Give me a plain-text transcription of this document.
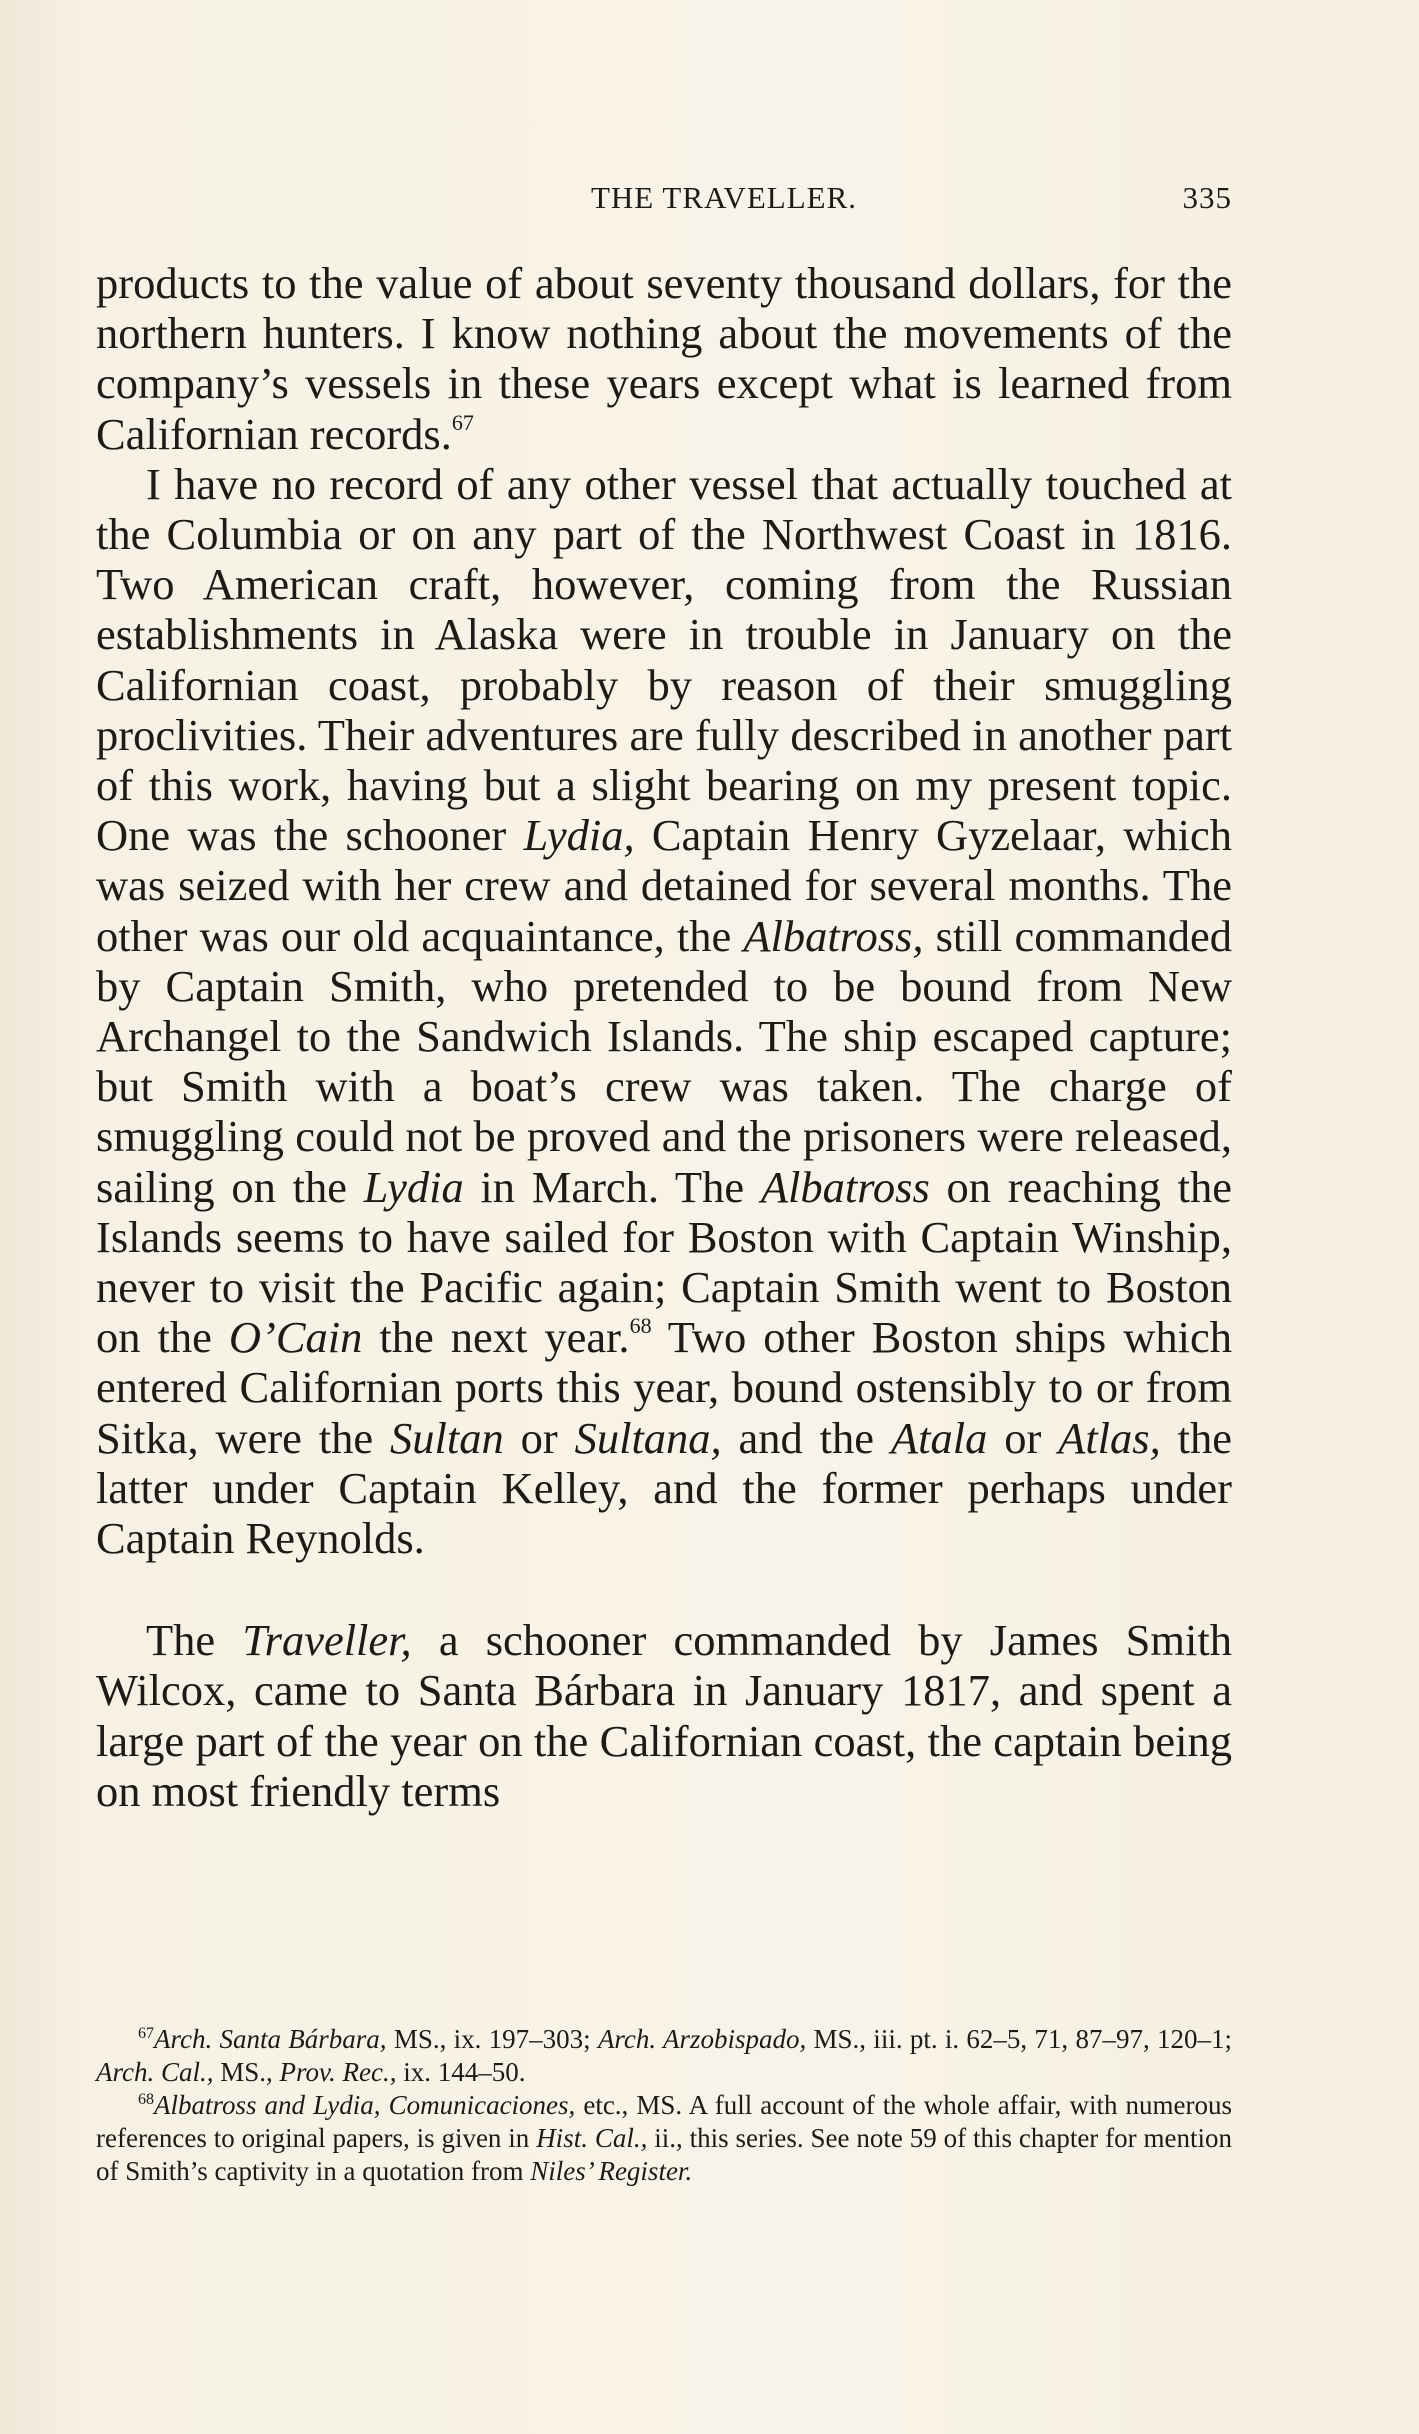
THE TRAVELLER.	335

products to the value of about seventy thousand dollars, for the northern hunters. I know nothing about the movements of the company’s vessels in these years except what is learned from Californian records.$^{67}$

I have no record of any other vessel that actually touched at the Columbia or on any part of the Northwest Coast in 1816. Two American craft, however, coming from the Russian establishments in Alaska were in trouble in January on the Californian coast, probably by reason of their smuggling proclivities. Their adventures are fully described in another part of this work, having but a slight bearing on my present topic. One was the schooner Lydia, Captain Henry Gyzelaar, which was seized with her crew and detained for several months. The other was our old acquaintance, the Albatross, still commanded by Captain Smith, who pretended to be bound from New Archangel to the Sandwich Islands. The ship escaped capture; but Smith with a boat’s crew was taken. The charge of smuggling could not be proved and the prisoners were released, sailing on the Lydia in March. The Albatross on reaching the Islands seems to have sailed for Boston with Captain Winship, never to visit the Pacific again; Captain Smith went to Boston on the O’Cain the next year.$^{68}$ Two other Boston ships which entered Californian ports this year, bound ostensibly to or from Sitka, were the Sultan or Sultana, and the Atala or Atlas, the latter under Captain Kelley, and the former perhaps under Captain Reynolds.

The Traveller, a schooner commanded by James Smith Wilcox, came to Santa Bárbara in January 1817, and spent a large part of the year on the Californian coast, the captain being on most friendly terms

$^{67}$Arch. Santa Bárbara, MS., ix. 197–303; Arch. Arzobispado, MS., iii. pt. i. 62–5, 71, 87–97, 120–1; Arch. Cal., MS., Prov. Rec., ix. 144–50.

$^{68}$Albatross and Lydia, Comunicaciones, etc., MS. A full account of the whole affair, with numerous references to original papers, is given in Hist. Cal., ii., this series. See note 59 of this chapter for mention of Smith’s captivity in a quotation from Niles’ Register.
